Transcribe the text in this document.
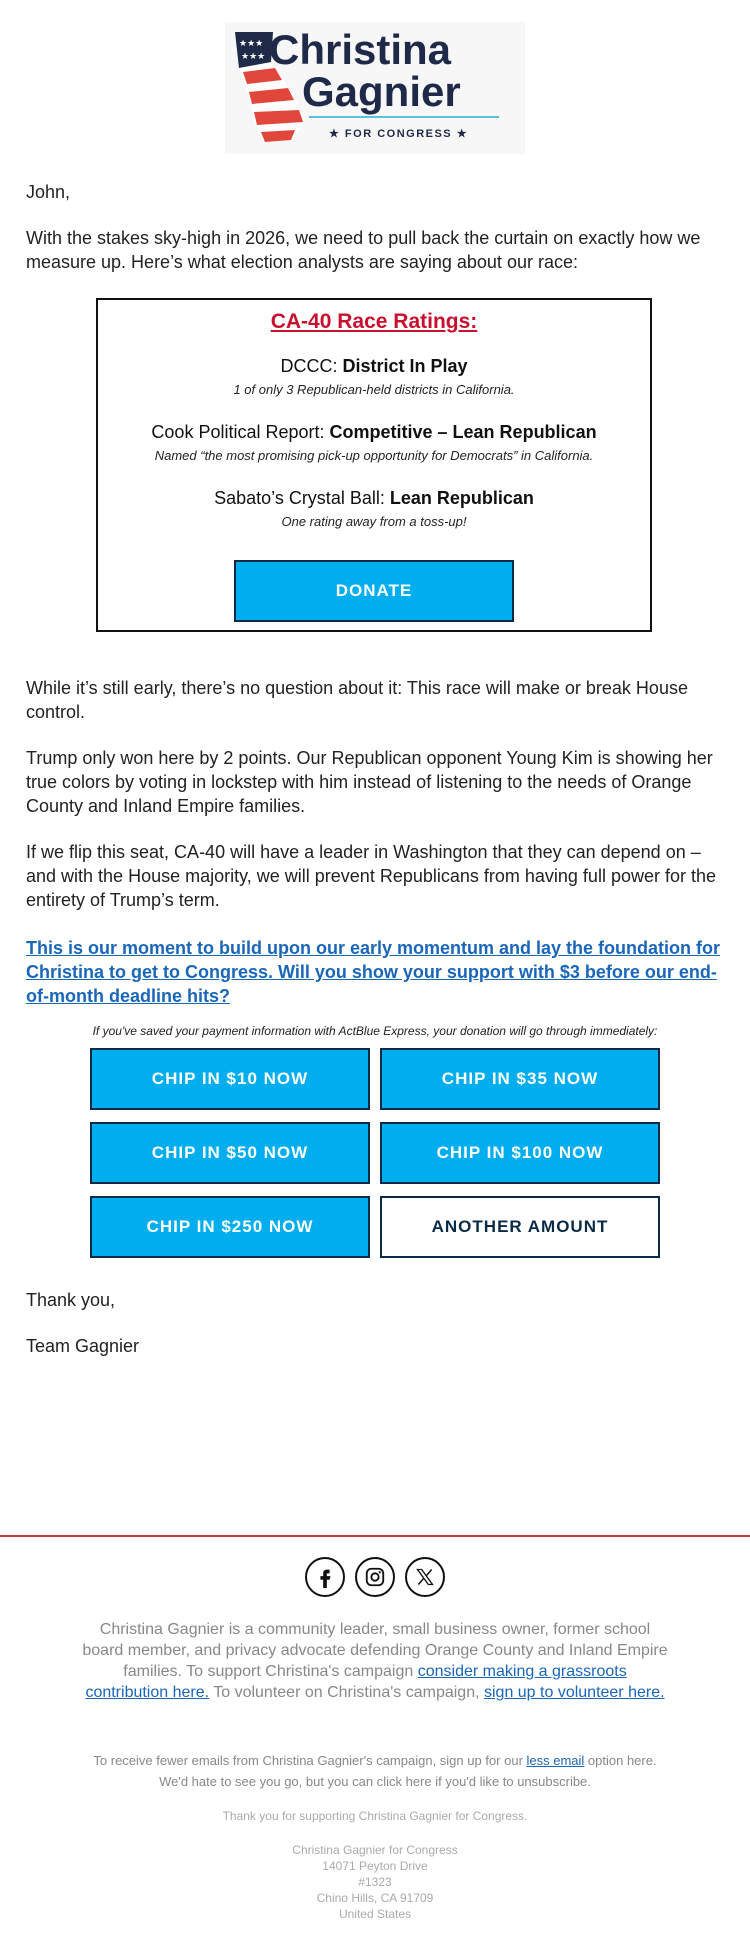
★★★
★★★ Christina
Gagnier
★ FOR CONGRESS ★

John,

With the stakes sky-high in 2026, we need to pull back the curtain on exactly how we measure up. Here’s what election analysts are saying about our race:

CA-40 Race Ratings:
DCCC: District In Play
1 of only 3 Republican-held districts in California.
Cook Political Report: Competitive – Lean Republican
Named “the most promising pick-up opportunity for Democrats” in California.
Sabato’s Crystal Ball: Lean Republican
One rating away from a toss-up!
DONATE

While it’s still early, there’s no question about it: This race will make or break House control.

Trump only won here by 2 points. Our Republican opponent Young Kim is showing her true colors by voting in lockstep with him instead of listening to the needs of Orange County and Inland Empire families.

If we flip this seat, CA-40 will have a leader in Washington that they can depend on – and with the House majority, we will prevent Republicans from having full power for the entirety of Trump’s term.

This is our moment to build upon our early momentum and lay the foundation for Christina to get to Congress. Will you show your support with $3 before our end-of-month deadline hits?

If you've saved your payment information with ActBlue Express, your donation will go through immediately:
CHIP IN $10 NOW	CHIP IN $35 NOW
CHIP IN $50 NOW	CHIP IN $100 NOW
CHIP IN $250 NOW	ANOTHER AMOUNT

Thank you,

Team Gagnier

Christina Gagnier is a community leader, small business owner, former school board member, and privacy advocate defending Orange County and Inland Empire families. To support Christina's campaign consider making a grassroots contribution here. To volunteer on Christina's campaign, sign up to volunteer here.

To receive fewer emails from Christina Gagnier's campaign, sign up for our less email option here. We'd hate to see you go, but you can click here if you'd like to unsubscribe.

Thank you for supporting Christina Gagnier for Congress.
Christina Gagnier for Congress
14071 Peyton Drive
#1323
Chino Hills, CA 91709
United States
